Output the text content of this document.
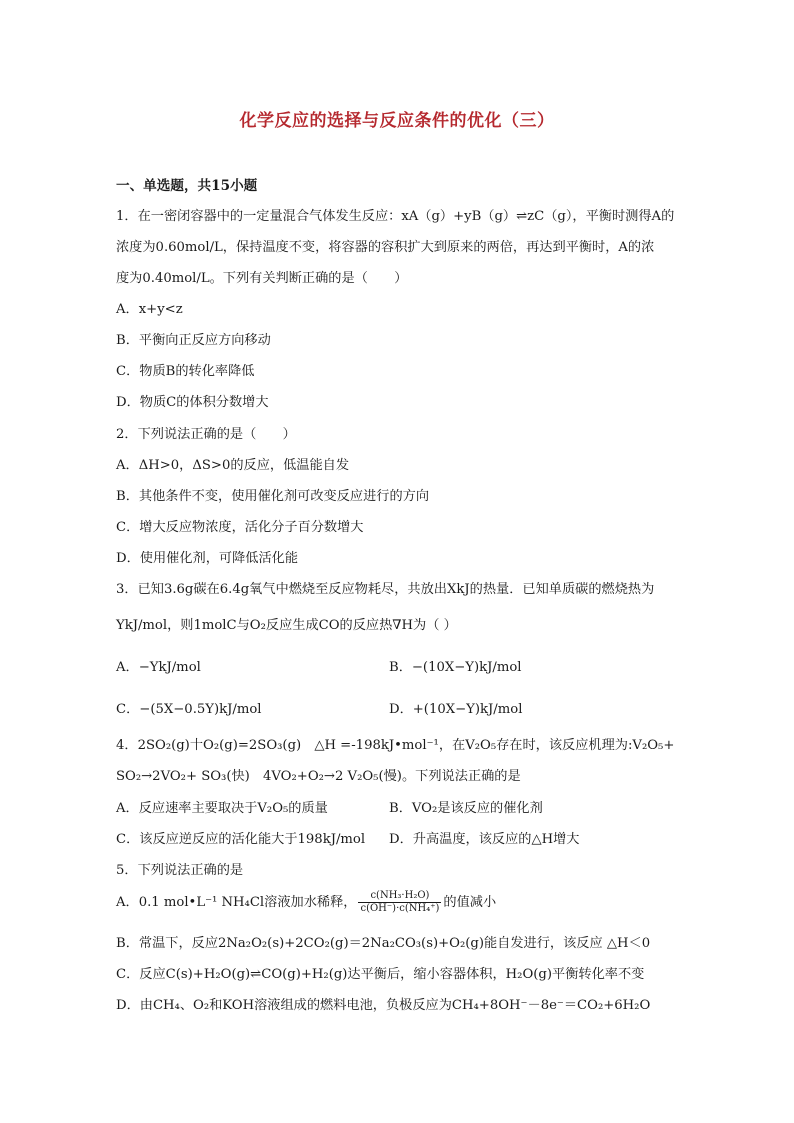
化学反应的选择与反应条件的优化（三）
一、单选题，共15小题
1．在一密闭容器中的一定量混合气体发生反应：xA（g）+yB（g）⇌zC（g），平衡时测得A的
浓度为0.60mol/L，保持温度不变，将容器的容积扩大到原来的两倍，再达到平衡时，A的浓
度为0.40mol/L。下列有关判断正确的是（　　）
A．x+y<z
B．平衡向正反应方向移动
C．物质B的转化率降低
D．物质C的体积分数增大
2．下列说法正确的是（　　）
A．ΔH>0，ΔS>0的反应，低温能自发
B．其他条件不变，使用催化剂可改变反应进行的方向
C．增大反应物浓度，活化分子百分数增大
D．使用催化剂，可降低活化能
3．已知3.6g碳在6.4g氧气中燃烧至反应物耗尽，共放出XkJ的热量．已知单质碳的燃烧热为
YkJ/mol，则1molC与O₂反应生成CO的反应热∇H为（ ）
A．−YkJ/mol	B．−(10X−Y)kJ/mol
C．−(5X−0.5Y)kJ/mol	D．+(10X−Y)kJ/mol
4．2SO₂(g)十O₂(g)=2SO₃(g)　△H =-198kJ•mol⁻¹，在V₂O₅存在时，该反应机理为:V₂O₅+
SO₂→2VO₂+ SO₃(快)　4VO₂+O₂→2 V₂O₅(慢)。下列说法正确的是
A．反应速率主要取决于V₂O₅的质量	B．VO₂是该反应的催化剂
C．该反应逆反应的活化能大于198kJ/mol D．升高温度，该反应的△H增大
5．下列说法正确的是
A．0.1 mol•L⁻¹ NH₄Cl溶液加水稀释， $\frac{\text{c(NH₃·H₂O)}}{\text{c(OH⁻)·c(NH₄⁺)}}$ 的值减小
B．常温下，反应2Na₂O₂(s)+2CO₂(g)＝2Na₂CO₃(s)+O₂(g)能自发进行，该反应 △H＜0
C．反应C(s)+H₂O(g)⇌CO(g)+H₂(g)达平衡后，缩小容器体积，H₂O(g)平衡转化率不变
D．由CH₄、O₂和KOH溶液组成的燃料电池，负极反应为CH₄+8OH⁻－8e⁻＝CO₂+6H₂O
